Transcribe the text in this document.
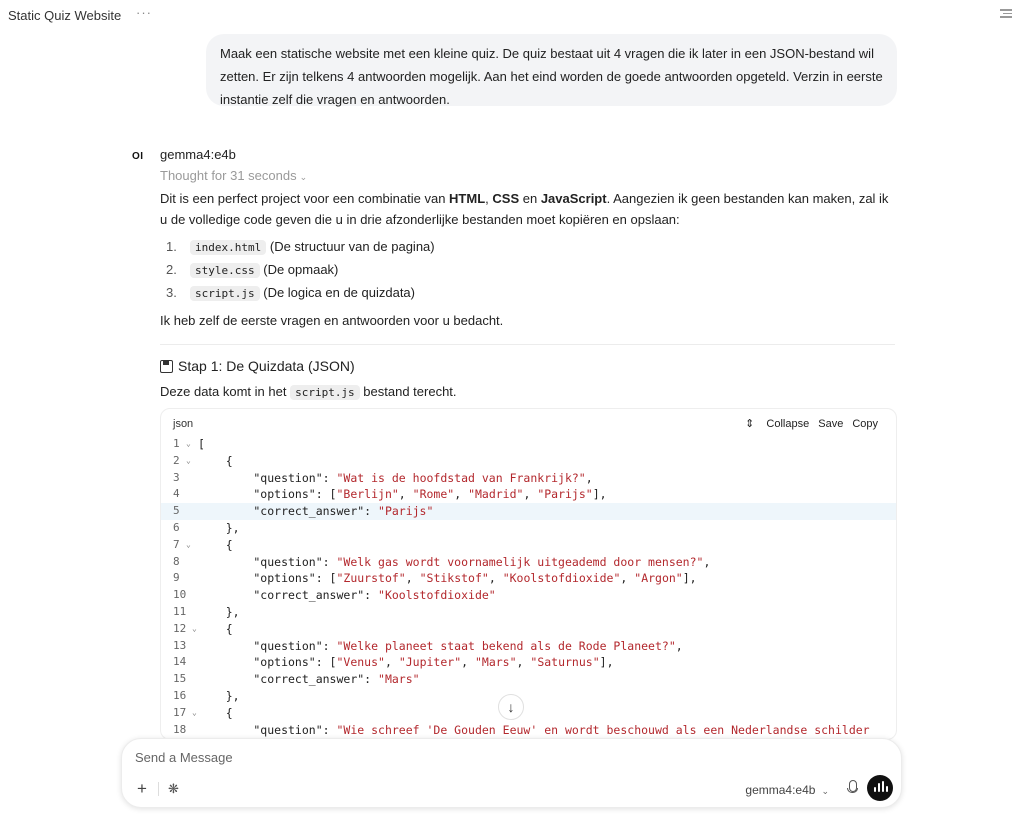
Static Quiz Website ···
Maak een statische website met een kleine quiz. De quiz bestaat uit 4 vragen die ik later in een JSON-bestand wil zetten. Er zijn telkens 4 antwoorden mogelijk. Aan het eind worden de goede antwoorden opgeteld. Verzin in eerste instantie zelf die vragen en antwoorden.
OI gemma4:e4b
Thought for 31 seconds ⌄
Dit is een perfect project voor een combinatie van HTML, CSS en JavaScript. Aangezien ik geen bestanden kan maken, zal ik u de volledige code geven die u in drie afzonderlijke bestanden moet kopiëren en opslaan:
1. index.html (De structuur van de pagina)
2. style.css (De opmaak)
3. script.js (De logica en de quizdata)
Ik heb zelf de eerste vragen en antwoorden voor u bedacht.
Stap 1: De Quizdata (JSON)
Deze data komt in het script.js bestand terecht.
json	⇕ Collapse Save Copy
1 ⌄ [
2 ⌄ {
3	"question": "Wat is de hoofdstad van Frankrijk?",
4	"options": ["Berlijn", "Rome", "Madrid", "Parijs"],
5	"correct_answer": "Parijs"
6	},
7 ⌄ {
8	"question": "Welk gas wordt voornamelijk uitgeademd door mensen?",
9	"options": ["Zuurstof", "Stikstof", "Koolstofdioxide", "Argon"],
10	"correct_answer": "Koolstofdioxide"
11	},
12 ⌄ {
13	"question": "Welke planeet staat bekend als de Rode Planeet?",
14	"options": ["Venus", "Jupiter", "Mars", "Saturnus"],
15	"correct_answer": "Mars"
16	},
17 ⌄ {
18	"question": "Wie schreef 'De Gouden Eeuw' en wordt beschouwd als een Nederlandse schilder
↓
Send a Message
+ ❋	gemma4:e4b ⌄
